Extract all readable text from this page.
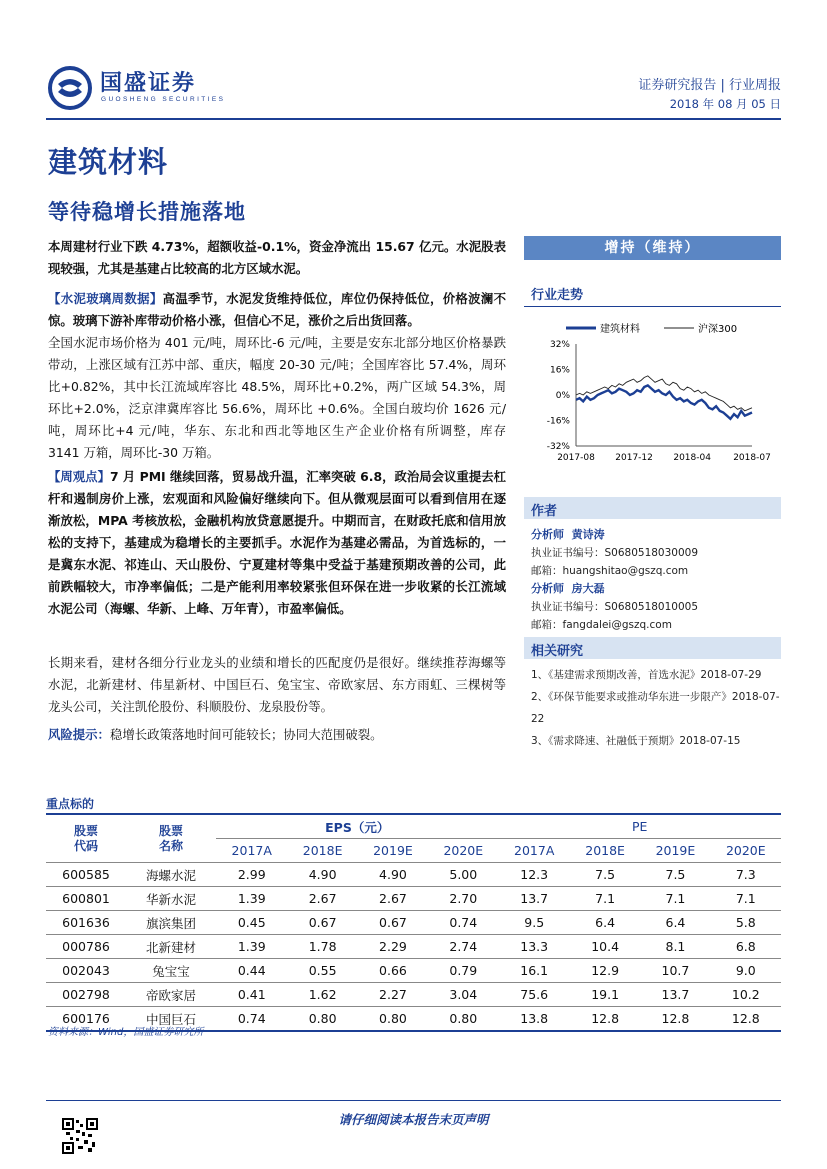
国盛证券
GUOSHENG SECURITIES
证券研究报告 | 行业周报
2018 年 08 月 05 日
建筑材料
等待稳增长措施落地
本周建材行业下跌 4.73%，超额收益-0.1%，资金净流出 15.67 亿元。水泥股表现较强，尤其是基建占比较高的北方区域水泥。
【水泥玻璃周数据】高温季节，水泥发货维持低位，库位仍保持低位，价格波澜不惊。玻璃下游补库带动价格小涨，但信心不足，涨价之后出货回落。
全国水泥市场价格为 401 元/吨，周环比-6 元/吨，主要是安东北部分地区价格暴跌带动，上涨区域有江苏中部、重庆，幅度 20-30 元/吨；全国库容比 57.4%，周环比+0.82%，其中长江流域库容比 48.5%，周环比+0.2%，两广区域 54.3%，周环比+2.0%，泛京津冀库容比 56.6%，周环比 +0.6%。全国白玻均价 1626 元/吨，周环比+4 元/吨，华东、东北和西北等地区生产企业价格有所调整，库存 3141 万箱，周环比-30 万箱。
【周观点】7 月 PMI 继续回落，贸易战升温，汇率突破 6.8，政治局会议重提去杠杆和遏制房价上涨，宏观面和风险偏好继续向下。但从微观层面可以看到信用在逐渐放松，MPA 考核放松，金融机构放贷意愿提升。中期而言，在财政托底和信用放松的支持下，基建成为稳增长的主要抓手。水泥作为基建必需品，为首选标的，一是冀东水泥、祁连山、天山股份、宁夏建材等集中受益于基建预期改善的公司，此前跌幅较大，市净率偏低；二是产能利用率较紧张但环保在进一步收紧的长江流域水泥公司（海螺、华新、上峰、万年青），市盈率偏低。
长期来看，建材各细分行业龙头的业绩和增长的匹配度仍是很好。继续推荐海螺等水泥，北新建材、伟星新材、中国巨石、兔宝宝、帝欧家居、东方雨虹、三棵树等龙头公司，关注凯伦股份、科顺股份、龙泉股份等。
风险提示：稳增长政策落地时间可能较长；协同大范围破裂。
增持（维持）
行业走势
建筑材料	沪深300
32%
16%
0%
-16%
-32%
2017-08 2017-12 2018-04 2018-07
作者
分析师 黄诗涛
执业证书编号：S0680518030009
邮箱：huangshitao@gszq.com
分析师 房大磊
执业证书编号：S0680518010005
邮箱：fangdalei@gszq.com
相关研究
1、《基建需求预期改善，首选水泥》2018-07-29
2、《环保节能要求或推动华东进一步限产》2018-07-22
3、《需求降速、社融低于预期》2018-07-15
重点标的
股票代码	股票名称	EPS（元）				PE			
		2017A	2018E	2019E	2020E	2017A	2018E	2019E	2020E
600585	海螺水泥	2.99	4.90	4.90	5.00	12.3	7.5	7.5	7.3
600801	华新水泥	1.39	2.67	2.67	2.70	13.7	7.1	7.1	7.1
601636	旗滨集团	0.45	0.67	0.67	0.74	9.5	6.4	6.4	5.8
000786	北新建材	1.39	1.78	2.29	2.74	13.3	10.4	8.1	6.8
002043	兔宝宝	0.44	0.55	0.66	0.79	16.1	12.9	10.7	9.0
002798	帝欧家居	0.41	1.62	2.27	3.04	75.6	19.1	13.7	10.2
600176	中国巨石	0.74	0.80	0.80	0.80	13.8	12.8	12.8	12.8
资料来源：Wind，国盛证券研究所
请仔细阅读本报告末页声明
